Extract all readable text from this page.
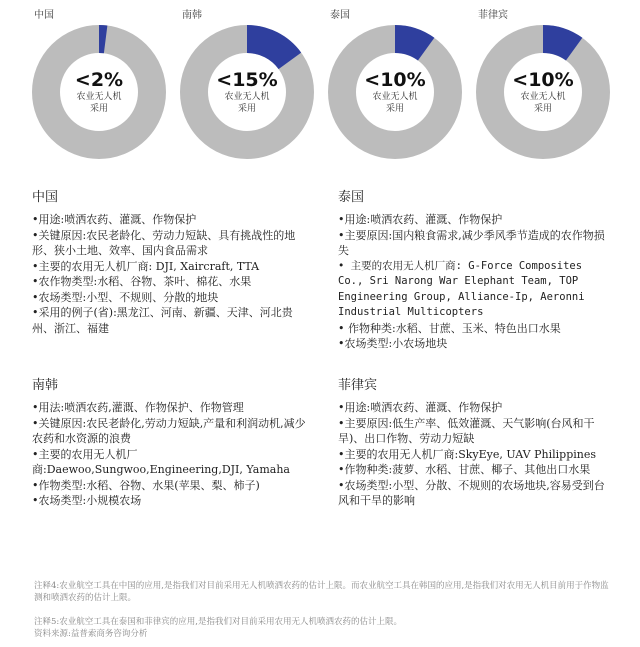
中国	南韩	泰国	菲律宾
<2%
农业无人机
采用
<15%
农业无人机
采用
<10%
农业无人机
采用
<10%
农业无人机
采用
中国
•用途:喷洒农药、灌溉、作物保护
•关键原因:农民老龄化、劳动力短缺、具有挑战性的地形、狭小土地、效率、国内食品需求
•主要的农用无人机厂商: DJI, Xaircraft, TTA
•农作物类型:水稻、谷物、茶叶、棉花、水果
•农场类型:小型、不规则、分散的地块
•采用的例子(省):黑龙江、河南、新疆、天津、河北贵州、浙江、福建
泰国
•用途:喷洒农药、灌溉、作物保护
•主要原因:国内粮食需求,减少季风季节造成的农作物损失
• 主要的农用无人机厂商: G-Force Composites Co., Sri Narong War Elephant Team, TOP Engineering Group, Alliance-Ip, Aeronni Industrial Multicopters
• 作物种类:水稻、甘蔗、玉米、特色出口水果
•农场类型:小农场地块
南韩
•用法:喷洒农药,灌溉、作物保护、作物管理
•关键原因:农民老龄化,劳动力短缺,产量和利润动机,减少农药和水资源的浪费
•主要的农用无人机厂商:Daewoo,Sungwoo,Engineering,DJI, Yamaha
•作物类型:水稻、谷物、水果(苹果、梨、柿子)
•农场类型:小规模农场
菲律宾
•用途:喷洒农药、灌溉、作物保护
•主要原因:低生产率、低效灌溉、天气影响(台风和干旱)、出口作物、劳动力短缺
•主要的农用无人机厂商:SkyEye, UAV Philippines
•作物种类:菠萝、水稻、甘蔗、椰子、其他出口水果
•农场类型:小型、分散、不规则的农场地块,容易受到台风和干旱的影响
注释4:农业航空工具在中国的应用,是指我们对目前采用无人机喷洒农药的估计上限。而农业航空工具在韩国的应用,是指我们对农用无人机目前用于作物监测和喷洒农药的估计上限。
注释5:农业航空工具在泰国和菲律宾的应用,是指我们对目前采用农用无人机喷洒农药的估计上限。
资料来源:益普索商务咨询分析
